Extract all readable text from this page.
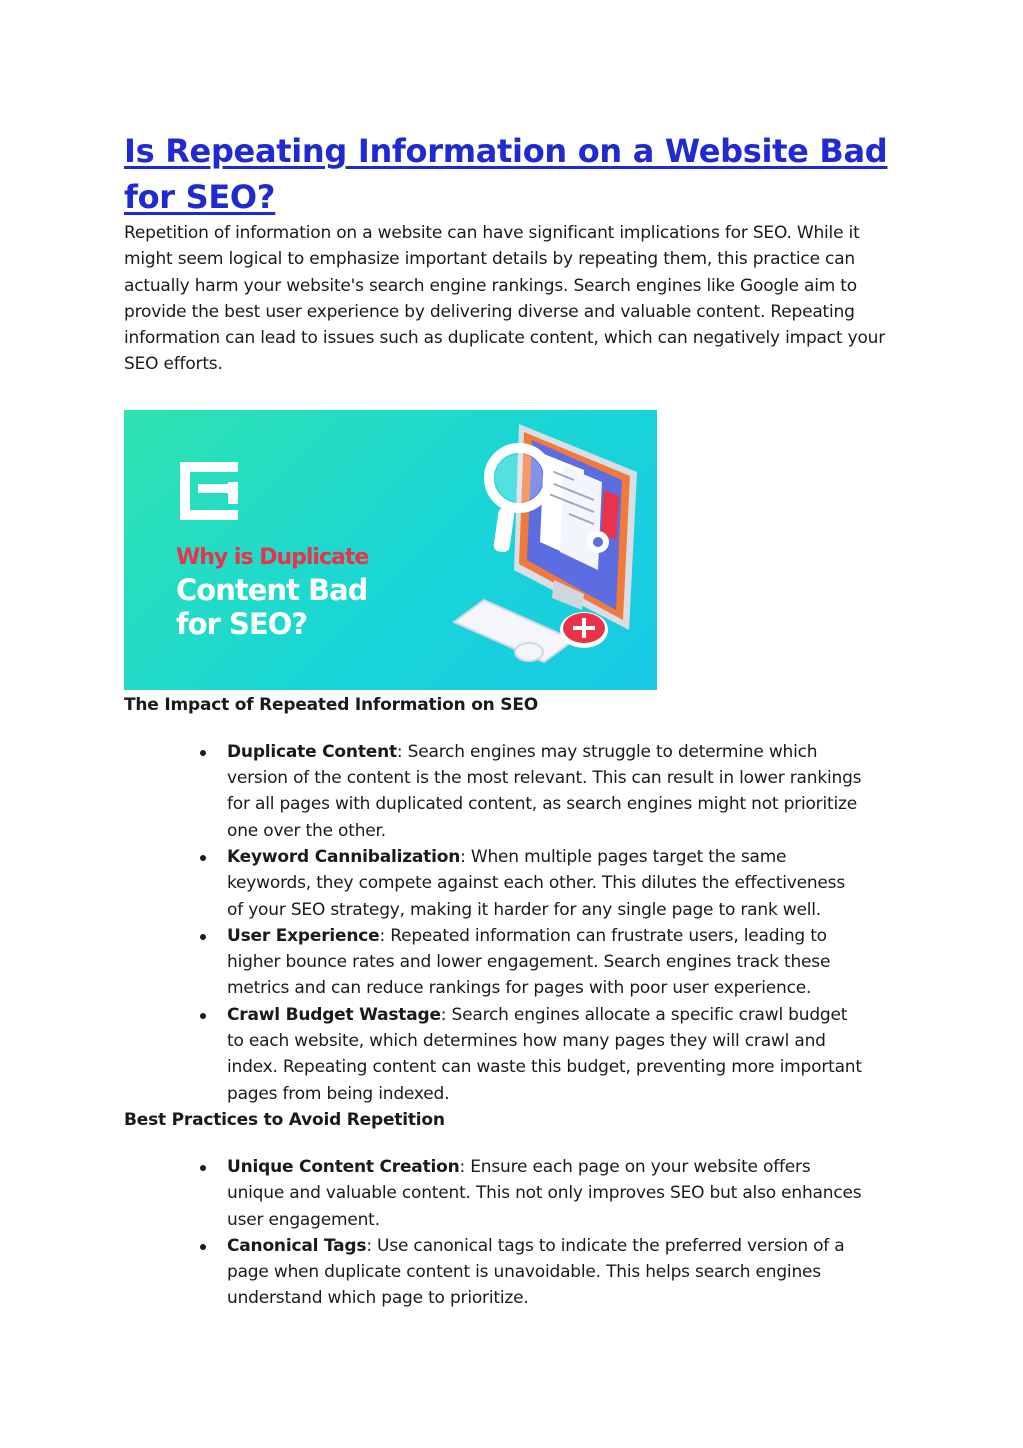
Is Repeating Information on a Website Bad for SEO?

Repetition of information on a website can have significant implications for SEO. While it might seem logical to emphasize important details by repeating them, this practice can actually harm your website's search engine rankings. Search engines like Google aim to provide the best user experience by delivering diverse and valuable content. Repeating information can lead to issues such as duplicate content, which can negatively impact your SEO efforts.

Why is Duplicate
Content Bad
for SEO?
The Impact of Repeated Information on SEO
Duplicate Content: Search engines may struggle to determine which version of the content is the most relevant. This can result in lower rankings for all pages with duplicated content, as search engines might not prioritize one over the other.
Keyword Cannibalization: When multiple pages target the same keywords, they compete against each other. This dilutes the effectiveness of your SEO strategy, making it harder for any single page to rank well.
User Experience: Repeated information can frustrate users, leading to higher bounce rates and lower engagement. Search engines track these metrics and can reduce rankings for pages with poor user experience.
Crawl Budget Wastage: Search engines allocate a specific crawl budget to each website, which determines how many pages they will crawl and index. Repeating content can waste this budget, preventing more important pages from being indexed.
Best Practices to Avoid Repetition
Unique Content Creation: Ensure each page on your website offers unique and valuable content. This not only improves SEO but also enhances user engagement.
Canonical Tags: Use canonical tags to indicate the preferred version of a page when duplicate content is unavoidable. This helps search engines understand which page to prioritize.
